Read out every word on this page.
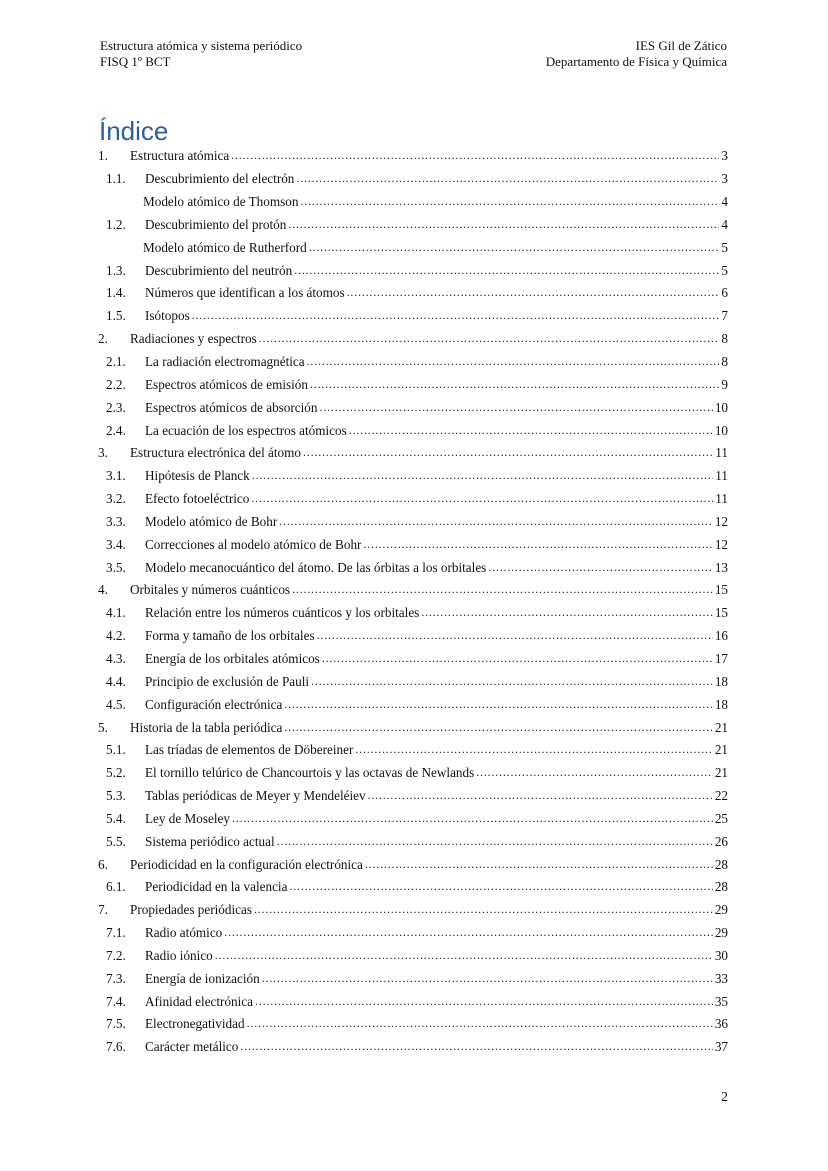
Estructura atómica y sistema periódico
FISQ 1º BCT
IES Gil de Zático
Departamento de Física y Química
Índice
1.	Estructura atómica .....	3
1.1.	Descubrimiento del electrón .....	3
Modelo atómico de Thomson .....	4
1.2.	Descubrimiento del protón .....	4
Modelo atómico de Rutherford .....	5
1.3.	Descubrimiento del neutrón .....	5
1.4.	Números que identifican a los átomos .....	6
1.5.	Isótopos .....	7
2.	Radiaciones y espectros .....	8
2.1.	La radiación electromagnética .....	8
2.2.	Espectros atómicos de emisión .....	9
2.3.	Espectros atómicos de absorción .....	10
2.4.	La ecuación de los espectros atómicos .....	10
3.	Estructura electrónica del átomo .....	11
3.1.	Hipótesis de Planck .....	11
3.2.	Efecto fotoeléctrico .....	11
3.3.	Modelo atómico de Bohr .....	12
3.4.	Correcciones al modelo atómico de Bohr .....	12
3.5.	Modelo mecanocuántico del átomo. De las órbitas a los orbitales .....	13
4.	Orbitales y números cuánticos .....	15
4.1.	Relación entre los números cuánticos y los orbitales .....	15
4.2.	Forma y tamaño de los orbitales .....	16
4.3.	Energía de los orbitales atómicos .....	17
4.4.	Principio de exclusión de Pauli .....	18
4.5.	Configuración electrónica .....	18
5.	Historia de la tabla periódica .....	21
5.1.	Las tríadas de elementos de Döbereiner .....	21
5.2.	El tornillo telúrico de Chancourtois y las octavas de Newlands .....	21
5.3.	Tablas periódicas de Meyer y Mendeléiev .....	22
5.4.	Ley de Moseley .....	25
5.5.	Sistema periódico actual .....	26
6.	Periodicidad en la configuración electrónica .....	28
6.1.	Periodicidad en la valencia .....	28
7.	Propiedades periódicas .....	29
7.1.	Radio atómico .....	29
7.2.	Radio iónico .....	30
7.3.	Energía de ionización .....	33
7.4.	Afinidad electrónica .....	35
7.5.	Electronegatividad .....	36
7.6.	Carácter metálico .....	37
2
